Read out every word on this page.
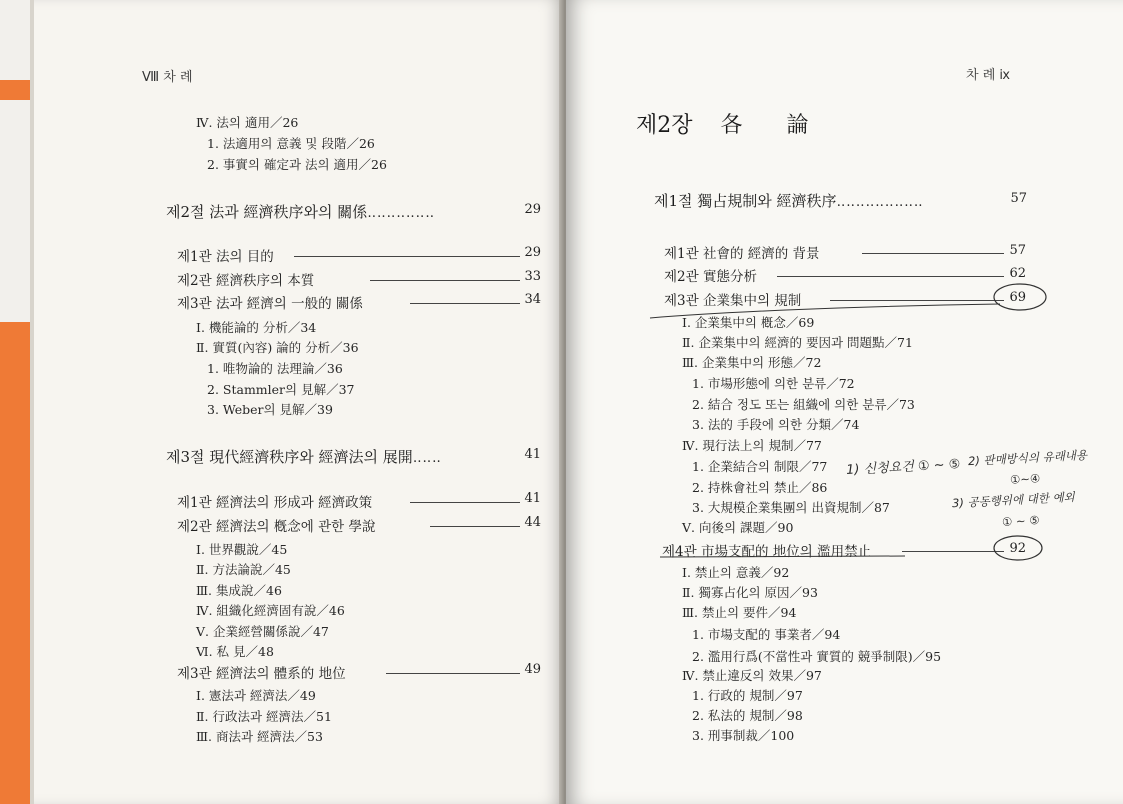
Ⅷ 차 례
Ⅳ. 法의 適用／26
1. 法適用의 意義 및 段階／26
2. 事實의 確定과 法의 適用／26
제2절 法과 經濟秩序와의 關係‥‥‥‥‥‥‥	29
제1관 法의 目的	29
제2관 經濟秩序의 本質	33
제3관 法과 經濟의 一般的 關係	34
Ⅰ. 機能論的 分析／34
Ⅱ. 實質(內容) 論的 分析／36
1. 唯物論的 法理論／36
2. Stammler의 見解／37
3. Weber의 見解／39
제3절 現代經濟秩序와 經濟法의 展開‥‥‥	41
제1관 經濟法의 形成과 經濟政策	41
제2관 經濟法의 槪念에 관한 學說	44
Ⅰ. 世界觀說／45
Ⅱ. 方法論說／45
Ⅲ. 集成說／46
Ⅳ. 組織化經濟固有說／46
Ⅴ. 企業經營關係說／47
Ⅵ. 私 見／48
제3관 經濟法의 體系的 地位	49
Ⅰ. 憲法과 經濟法／49
Ⅱ. 行政法과 經濟法／51
Ⅲ. 商法과 經濟法／53
차 례 ⅸ
제2장 各 論
제1절 獨占規制와 經濟秩序‥‥‥‥‥‥‥‥‥	57
제1관 社會的 經濟的 背景	57
제2관 實態分析	62
제3관 企業集中의 規制	69
Ⅰ. 企業集中의 槪念／69
Ⅱ. 企業集中의 經濟的 要因과 問題點／71
Ⅲ. 企業集中의 形態／72
1. 市場形態에 의한 분류／72
2. 結合 정도 또는 組織에 의한 분류／73
3. 法的 手段에 의한 分類／74
Ⅳ. 現行法上의 規制／77
1. 企業結合의 制限／77
2. 持株會社의 禁止／86
3. 大規模企業集團의 出資規制／87
Ⅴ. 向後의 課題／90
제4관 市場支配的 地位의 濫用禁止	92
Ⅰ. 禁止의 意義／92
Ⅱ. 獨寡占化의 原因／93
Ⅲ. 禁止의 要件／94
1. 市場支配的 事業者／94
2. 濫用行爲(不當性과 實質的 競爭制限)／95
Ⅳ. 禁止違反의 效果／97
1. 行政的 規制／97
2. 私法的 規制／98
3. 刑事制裁／100
1) 신청요건 ① ~ ⑤ 2) 판매방식의 유래내용
①~④
3) 공동행위에 대한 예외
① ~ ⑤
